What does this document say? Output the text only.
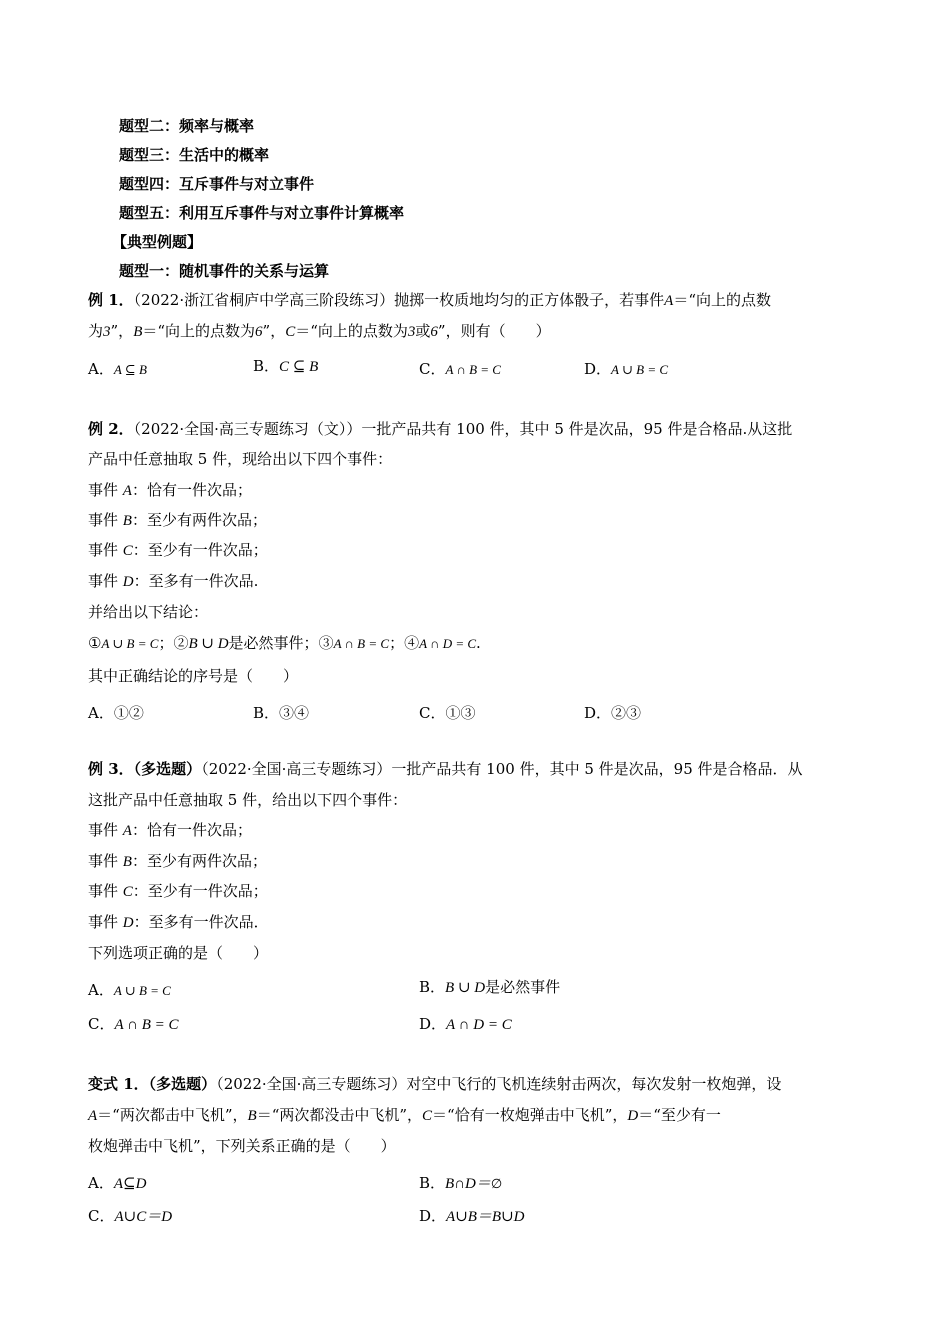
题型二：频率与概率
题型三：生活中的概率
题型四：互斥事件与对立事件
题型五：利用互斥事件与对立事件计算概率
【典型例题】
题型一：随机事件的关系与运算
例 1．（2022·浙江省桐庐中学高三阶段练习）抛掷一枚质地均匀的正方体骰子，若事件A＝“向上的点数
为3”，B＝“向上的点数为6”，C＝“向上的点数为3或6”，则有（　　）
A．A ⊆ B	B．C ⊆ B	C．A ∩ B = C	D．A ∪ B = C
例 2．（2022·全国·高三专题练习（文））一批产品共有 100 件，其中 5 件是次品，95 件是合格品.从这批
产品中任意抽取 5 件，现给出以下四个事件：
事件 A：恰有一件次品；
事件 B：至少有两件次品；
事件 C：至少有一件次品；
事件 D：至多有一件次品.
并给出以下结论：
①A ∪ B = C；②B ∪ D是必然事件；③A ∩ B = C；④A ∩ D = C.
其中正确结论的序号是（　　）
A．①②	B．③④	C．①③	D．②③
例 3．（多选题）（2022·全国·高三专题练习）一批产品共有 100 件，其中 5 件是次品，95 件是合格品．从
这批产品中任意抽取 5 件，给出以下四个事件：
事件 A：恰有一件次品；
事件 B：至少有两件次品；
事件 C：至少有一件次品；
事件 D：至多有一件次品．
下列选项正确的是（　　）
A．A ∪ B = C	B．B ∪ D是必然事件
C．A ∩ B = C	D．A ∩ D = C
变式 1．（多选题）（2022·全国·高三专题练习）对空中飞行的飞机连续射击两次，每次发射一枚炮弹，设
A＝“两次都击中飞机”，B＝“两次都没击中飞机”，C＝“恰有一枚炮弹击中飞机”，D＝“至少有一
枚炮弹击中飞机”，下列关系正确的是（　　）
A．A⊆D	B．B∩D＝∅
C．A∪C＝D	D．A∪B＝B∪D
